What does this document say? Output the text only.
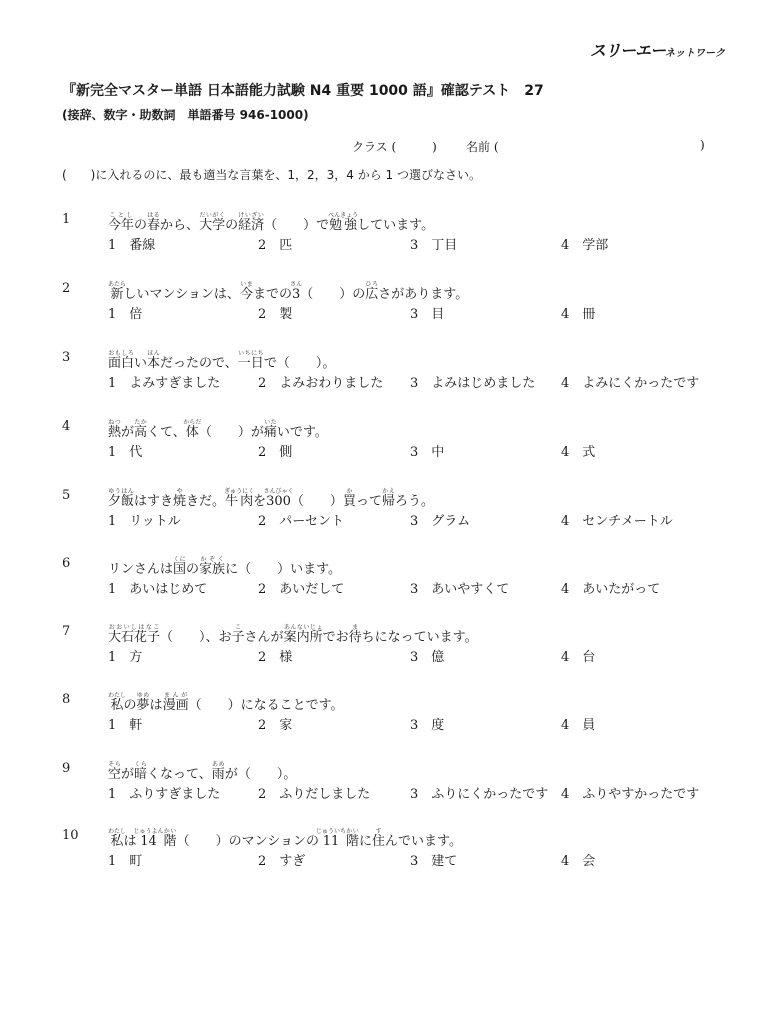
スリーエーネットワーク
『新完全マスター単語 日本語能力試験 N4 重要 1000 語』確認テスト　27
(接辞、数字・助数詞　単語番号 946-1000)
クラス (　　　) 名前 (	)
(　　)に入れるのに、最も適当な言葉を、1，2，3，4 から 1 つ選びなさい。
1	今年ことしの春はるから、大学だいがくの経済けいざい（　　）で勉強べんきょうしています。
1　番線	2　匹	3　丁目	4　学部
2	新あたらしいマンションは、今いままでの3さん（　　）の広ひろさがあります。
1　倍	2　製	3　目	4　冊
3	面白おもしろい本ほんだったので、一日いちにちで（　　）。
1　よみすぎました	2　よみおわりました 3　よみはじめました 4　よみにくかったです
4	熱ねつが高たかくて、体からだ（　　）が痛いたいです。
1　代	2　側	3　中	4　式
5	夕飯ゆうはんはすき焼やきだ。牛肉ぎゅうにくを300さんびゃく（　　）買かって帰かえろう。
1　リットル	2　パーセント	3　グラム	4　センチメートル
6	リンさんは国くにの家族かぞくに（　　）います。
1　あいはじめて	2　あいだして	3　あいやすくて	4　あいたがって
7	大石花子おおいしはなこ（　　）、お子こさんが案内所あんないじょでお待まちになっています。
1　方	2　様	3　億	4　台
8	私わたしの夢ゆめは漫画まんが（　　）になることです。
1　軒	2　家	3　度	4　員
9	空そらが暗くらくなって、雨あめが（　　）。
1　ふりすぎました	2　ふりだしました	3　ふりにくかったです 4　ふりやすかったです
10 私わたしは14じゅうよん階かい（　　）のマンションの11じゅういち階かいに住すんでいます。
1　町	2　すぎ	3　建て	4　会
